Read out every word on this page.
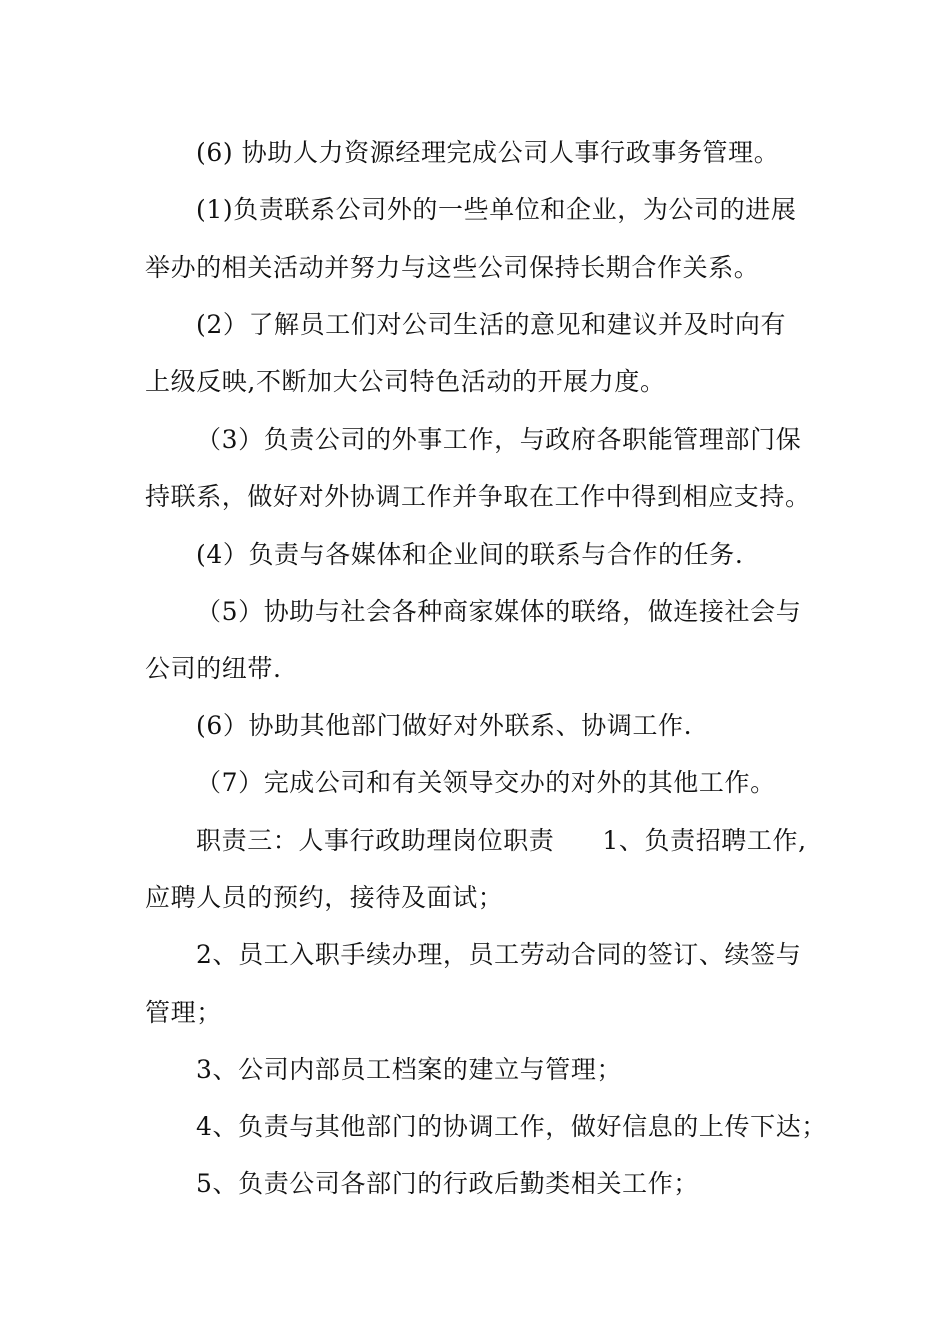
(6) 协助人力资源经理完成公司人事行政事务管理。
(1)负责联系公司外的一些单位和企业，为公司的进展
举办的相关活动并努力与这些公司保持长期合作关系。
(2）了解员工们对公司生活的意见和建议并及时向有
上级反映,不断加大公司特色活动的开展力度。
（3）负责公司的外事工作，与政府各职能管理部门保
持联系，做好对外协调工作并争取在工作中得到相应支持。
(4）负责与各媒体和企业间的联系与合作的任务.
（5）协助与社会各种商家媒体的联络，做连接社会与
公司的纽带.
(6）协助其他部门做好对外联系、协调工作.
（7）完成公司和有关领导交办的对外的其他工作。
职责三：人事行政助理岗位职责 1、负责招聘工作,
应聘人员的预约，接待及面试；
2、员工入职手续办理，员工劳动合同的签订、续签与
管理；
3、公司内部员工档案的建立与管理；
4、负责与其他部门的协调工作，做好信息的上传下达；
5、负责公司各部门的行政后勤类相关工作；
